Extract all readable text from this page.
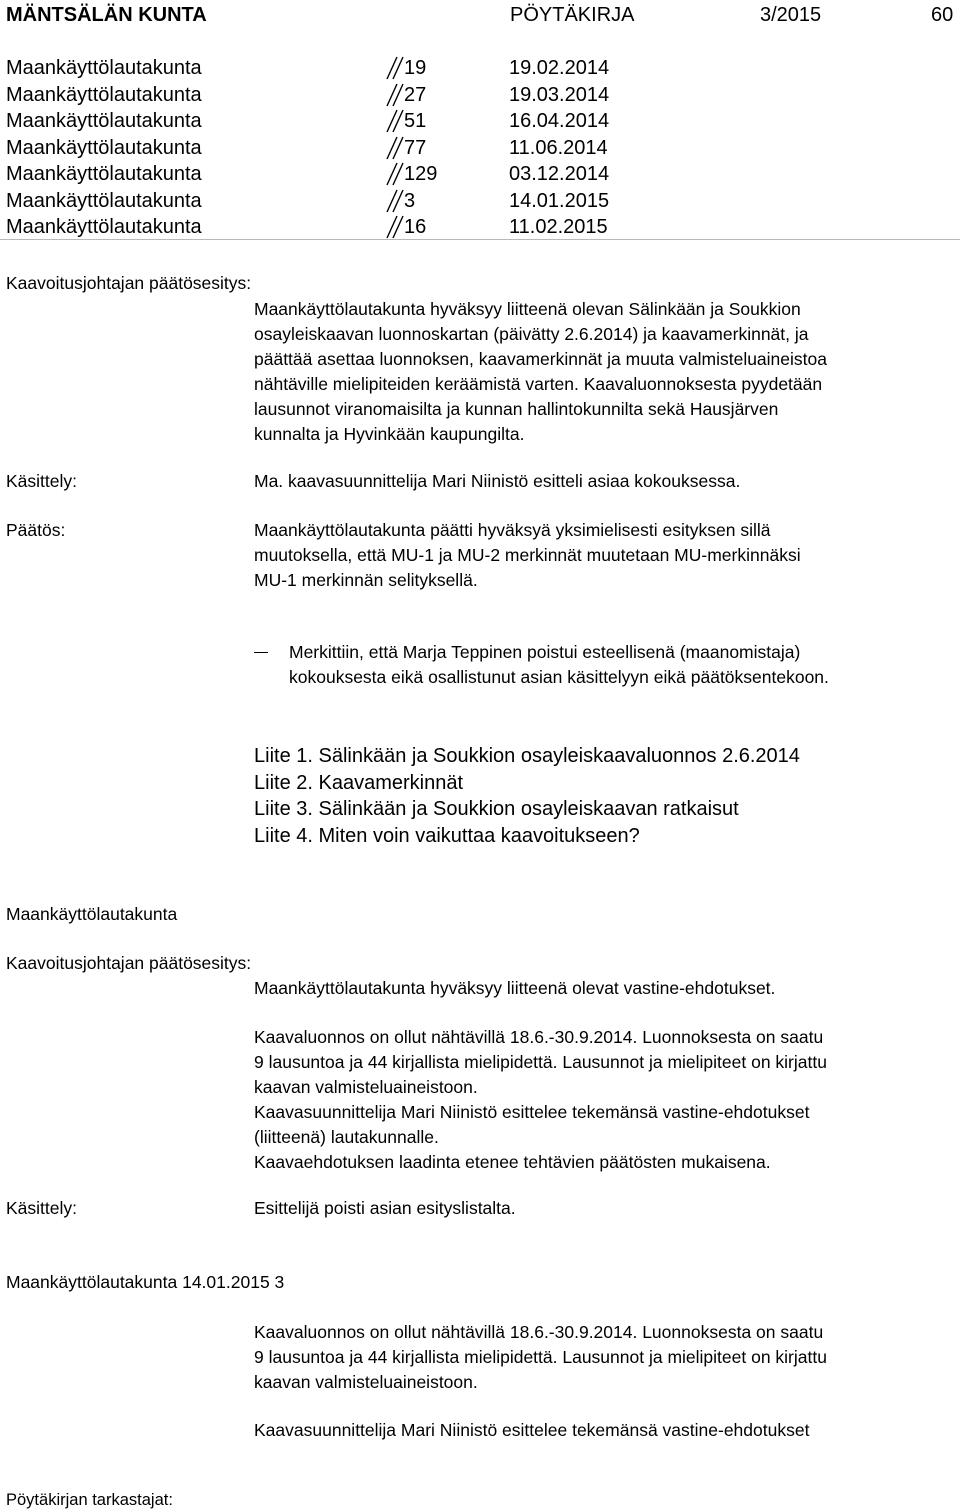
MÄNTSÄLÄN KUNTA	PÖYTÄKIRJA	3/2015	60
Maankäyttölautakunta	19	19.02.2014
Maankäyttölautakunta	27	19.03.2014
Maankäyttölautakunta	51	16.04.2014
Maankäyttölautakunta	77	11.06.2014
Maankäyttölautakunta	129	03.12.2014
Maankäyttölautakunta	3	14.01.2015
Maankäyttölautakunta	16	11.02.2015
Kaavoitusjohtajan päätösesitys:
Maankäyttölautakunta hyväksyy liitteenä olevan Sälinkään ja Soukkion
osayleiskaavan luonnoskartan (päivätty 2.6.2014) ja kaavamerkinnät, ja
päättää asettaa luonnoksen, kaavamerkinnät ja muuta valmisteluaineistoa
nähtäville mielipiteiden keräämistä varten. Kaavaluonnoksesta pyydetään
lausunnot viranomaisilta ja kunnan hallintokunnilta sekä Hausjärven
kunnalta ja Hyvinkään kaupungilta.
Käsittely:	Ma. kaavasuunnittelija Mari Niinistö esitteli asiaa kokouksessa.
Päätös:	Maankäyttölautakunta päätti hyväksyä yksimielisesti esityksen sillä
muutoksella, että MU-1 ja MU-2 merkinnät muutetaan MU-merkinnäksi
MU-1 merkinnän selityksellä.
Merkittiin, että Marja Teppinen poistui esteellisenä (maanomistaja)
kokouksesta eikä osallistunut asian käsittelyyn eikä päätöksentekoon.
Liite 1. Sälinkään ja Soukkion osayleiskaavaluonnos 2.6.2014
Liite 2. Kaavamerkinnät
Liite 3. Sälinkään ja Soukkion osayleiskaavan ratkaisut
Liite 4. Miten voin vaikuttaa kaavoitukseen?
Maankäyttölautakunta
Kaavoitusjohtajan päätösesitys:
Maankäyttölautakunta hyväksyy liitteenä olevat vastine-ehdotukset.
Kaavaluonnos on ollut nähtävillä 18.6.-30.9.2014. Luonnoksesta on saatu
9 lausuntoa ja 44 kirjallista mielipidettä. Lausunnot ja mielipiteet on kirjattu
kaavan valmisteluaineistoon.
Kaavasuunnittelija Mari Niinistö esittelee tekemänsä vastine-ehdotukset
(liitteenä) lautakunnalle.
Kaavaehdotuksen laadinta etenee tehtävien päätösten mukaisena.
Käsittely:	Esittelijä poisti asian esityslistalta.
Maankäyttölautakunta 14.01.2015 3
Kaavaluonnos on ollut nähtävillä 18.6.-30.9.2014. Luonnoksesta on saatu
9 lausuntoa ja 44 kirjallista mielipidettä. Lausunnot ja mielipiteet on kirjattu
kaavan valmisteluaineistoon.
Kaavasuunnittelija Mari Niinistö esittelee tekemänsä vastine-ehdotukset
Pöytäkirjan tarkastajat:
